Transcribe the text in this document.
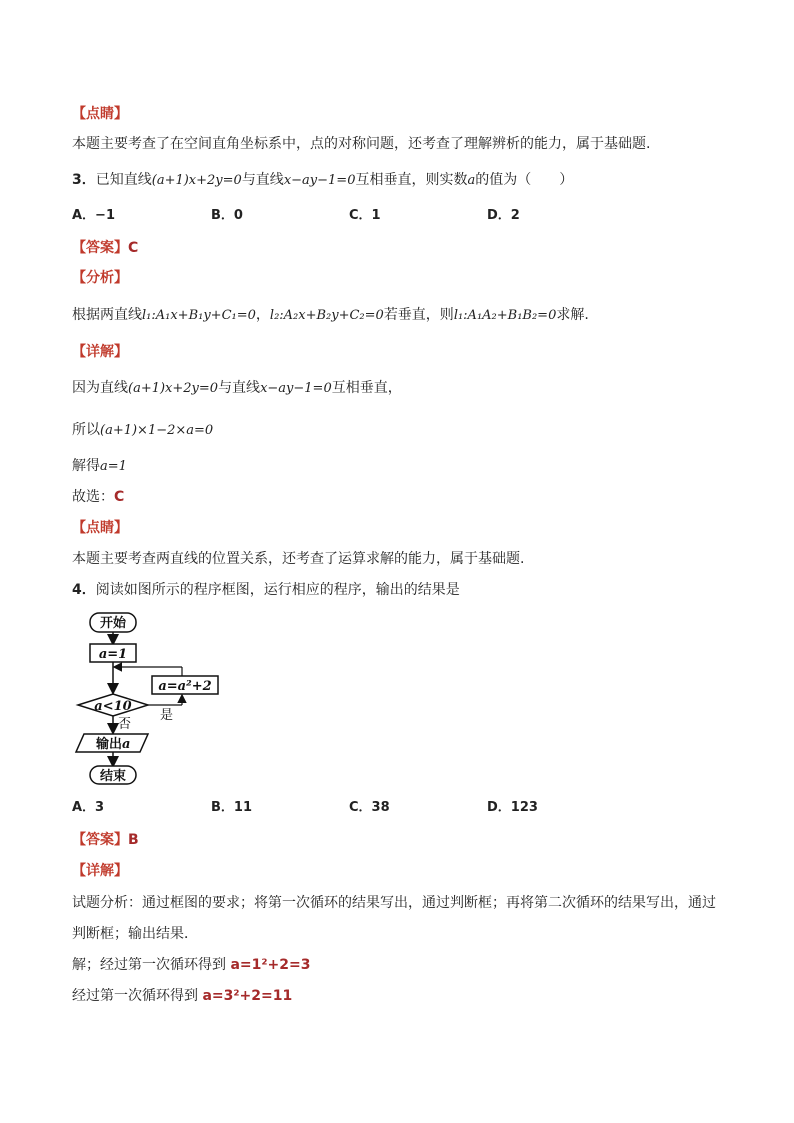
【点睛】
本题主要考查了在空间直角坐标系中，点的对称问题，还考查了理解辨析的能力，属于基础题.
3．已知直线(a+1)x+2y=0与直线x−ay−1=0互相垂直，则实数a的值为（　　）
A．−1	B．0	C．1	D．2
【答案】C
【分析】
根据两直线l₁:A₁x+B₁y+C₁=0，l₂:A₂x+B₂y+C₂=0若垂直，则l₁:A₁A₂+B₁B₂=0求解.
【详解】
因为直线(a+1)x+2y=0与直线x−ay−1=0互相垂直，
所以(a+1)×1−2×a=0
解得a=1
故选：C
【点睛】
本题主要考查两直线的位置关系，还考查了运算求解的能力，属于基础题.
4．阅读如图所示的程序框图，运行相应的程序，输出的结果是
开始
a=1
a=a²+2
a<10
是
否
输出a
结束
A．3	B．11	C．38	D．123
【答案】B
【详解】
试题分析：通过框图的要求；将第一次循环的结果写出，通过判断框；再将第二次循环的结果写出，通过
判断框；输出结果．
解；经过第一次循环得到 a=1²+2=3
经过第一次循环得到 a=3²+2=11
